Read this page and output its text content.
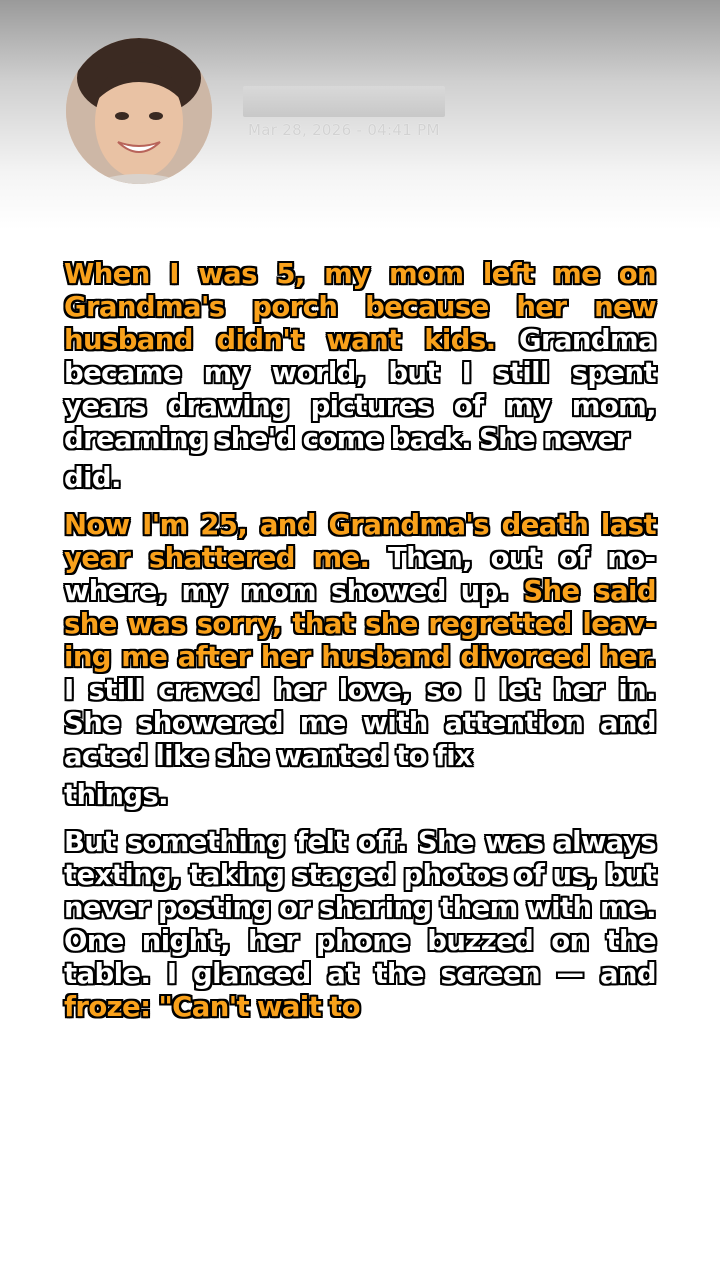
Mar 28, 2026 - 04:41 PM

When I was 5, my mom left me on Grandma's porch because her new husband didn't want kids. Grandma became my world, but I still spent years drawing pictures of my mom, dreaming she'd come back. She never
did.

Now I'm 25, and Grandma's death last year shattered me. Then, out of nowhere, my mom showed up. She said she was sorry, that she regretted leaving me after her husband divorced her. I still craved her love, so I let her in. She showered me with attention and acted like she wanted to fix
things.

But something felt off. She was always texting, taking staged photos of us, but never posting or sharing them with me. One night, her phone buzzed on the table. I glanced at the screen — and froze: "Can't wait to
